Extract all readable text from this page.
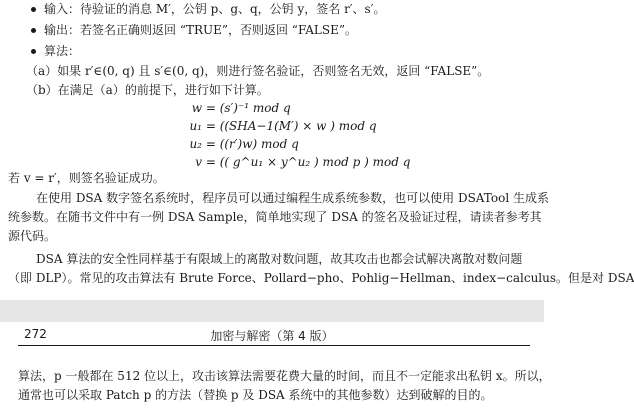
输入：待验证的消息 M′，公钥 p、g、q，公钥 y，签名 r′、s′。
输出：若签名正确则返回 “TRUE”，否则返回 “FALSE”。
算法：
（a）如果 r′∈(0, q) 且 s′∈(0, q)，则进行签名验证，否则签名无效，返回 “FALSE”。
（b）在满足（a）的前提下，进行如下计算。
w = (s′)⁻¹ mod q
u₁ = ((SHA−1(M′) × w ) mod q
u₂ = ((r′)w) mod q
v = (( g^u₁ × y^u₂ ) mod p ) mod q
若 v = r′，则签名验证成功。
在使用 DSA 数字签名系统时，程序员可以通过编程生成系统参数，也可以使用 DSATool 生成系
统参数。在随书文件中有一例 DSA Sample，简单地实现了 DSA 的签名及验证过程，请读者参考其
源代码。
DSA 算法的安全性同样基于有限域上的离散对数问题，故其攻击也都会试解决离散对数问题
（即 DLP）。常见的攻击算法有 Brute Force、Pollard−pho、Pohlig−Hellman、index−calculus。但是对 DSA
272	加密与解密（第 4 版）
算法，p 一般都在 512 位以上，攻击该算法需要花费大量的时间，而且不一定能求出私钥 x。所以，
通常也可以采取 Patch p 的方法（替换 p 及 DSA 系统中的其他参数）达到破解的目的。
